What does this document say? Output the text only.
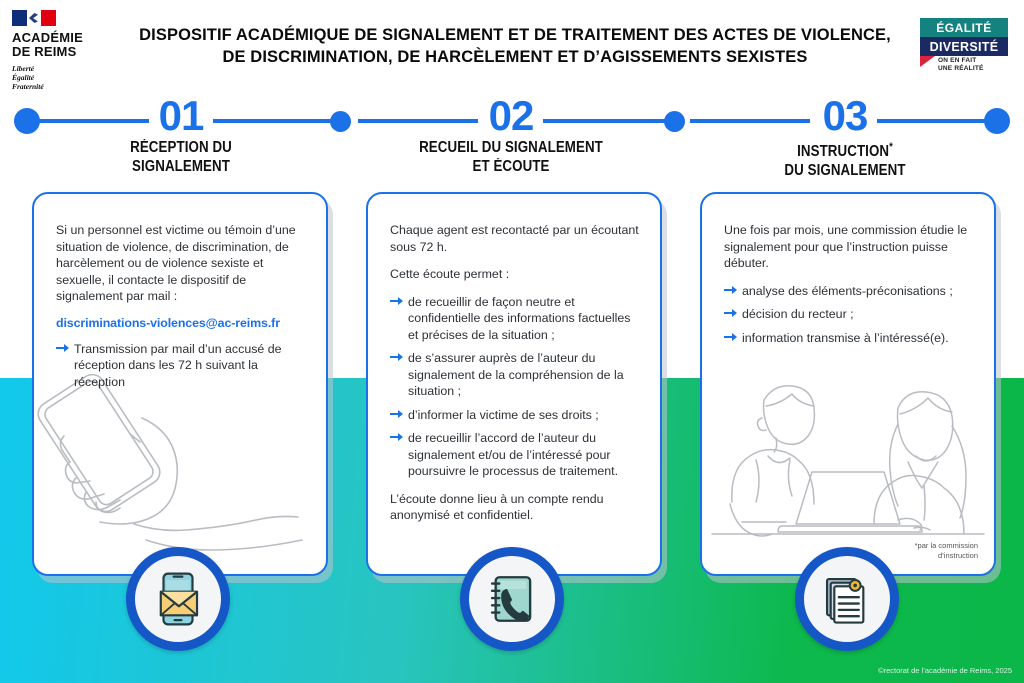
ACADÉMIE
DE REIMS
Liberté
Égalité
Fraternité
DISPOSITIF ACADÉMIQUE DE SIGNALEMENT ET DE TRAITEMENT DES ACTES DE VIOLENCE,
DE DISCRIMINATION, DE HARCÈLEMENT ET D’AGISSEMENTS SEXISTES
ÉGALITÉ
DIVERSITÉ
ON EN FAIT
UNE RÉALITÉ
01
RÉCEPTION DU
SIGNALEMENT
02
RECUEIL DU SIGNALEMENT
ET ÉCOUTE
03
INSTRUCTION*
DU SIGNALEMENT

Si un personnel est victime ou témoin d’une situation de violence, de discrimination, de harcèlement ou de violence sexiste et sexuelle, il contacte le dispositif de signalement par mail :

discriminations-violences@ac-reims.fr
Transmission par mail d’un accusé de réception dans les 72 h suivant la réception

Chaque agent est recontacté par un écoutant sous 72 h.

Cette écoute permet :

de recueillir de façon neutre et confidentielle des informations factuelles et précises de la situation ;
de s’assurer auprès de l’auteur du signalement de la compréhension de la situation ;
d’informer la victime de ses droits ;
de recueillir l’accord de l’auteur du signalement et/ou de l’intéressé pour poursuivre le processus de traitement.

L’écoute donne lieu à un compte rendu anonymisé et confidentiel.

Une fois par mois, une commission étudie le signalement pour que l’instruction puisse débuter.

analyse des éléments-préconisations ;
décision du recteur ;
information transmise à l’intéressé(e).
*par la commission
d’instruction
©rectorat de l’académie de Reims, 2025
